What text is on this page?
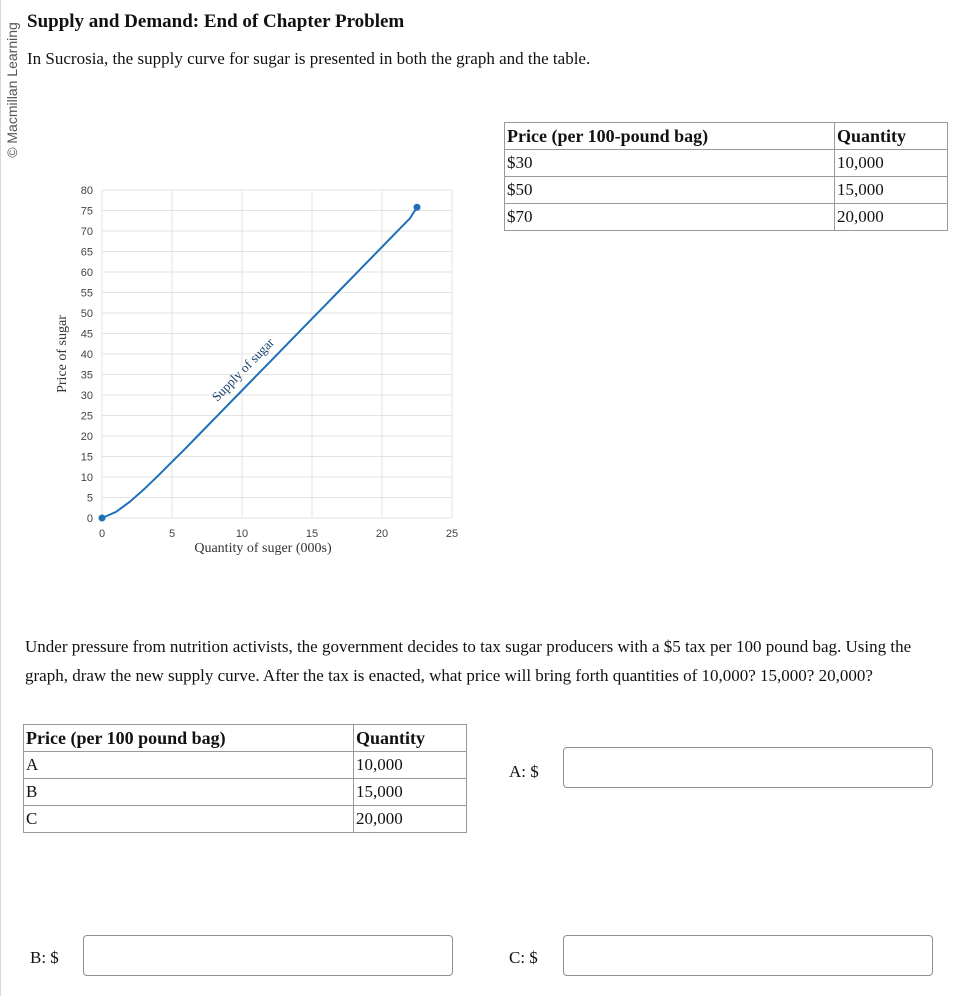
© Macmillan Learning
Supply and Demand: End of Chapter Problem
In Sucrosia, the supply curve for sugar is presented in both the graph and the table.
0
5
10
15
20
25
30
35
40
45
50
55
60
65
70
75
80
0	5	10	15	20	25
Supply of sugar
Quantity of suger (000s)
Price of sugar
Price (per 100-pound bag)	Quantity
$30	10,000
$50	15,000
$70	20,000
Under pressure from nutrition activists, the government decides to tax sugar producers with a $5 tax per 100 pound bag. Using the graph, draw the new supply curve. After the tax is enacted, what price will bring forth quantities of 10,000? 15,000? 20,000?
Price (per 100 pound bag)	Quantity
A	10,000
B	15,000
C	20,000
A: $
B: $	C: $
